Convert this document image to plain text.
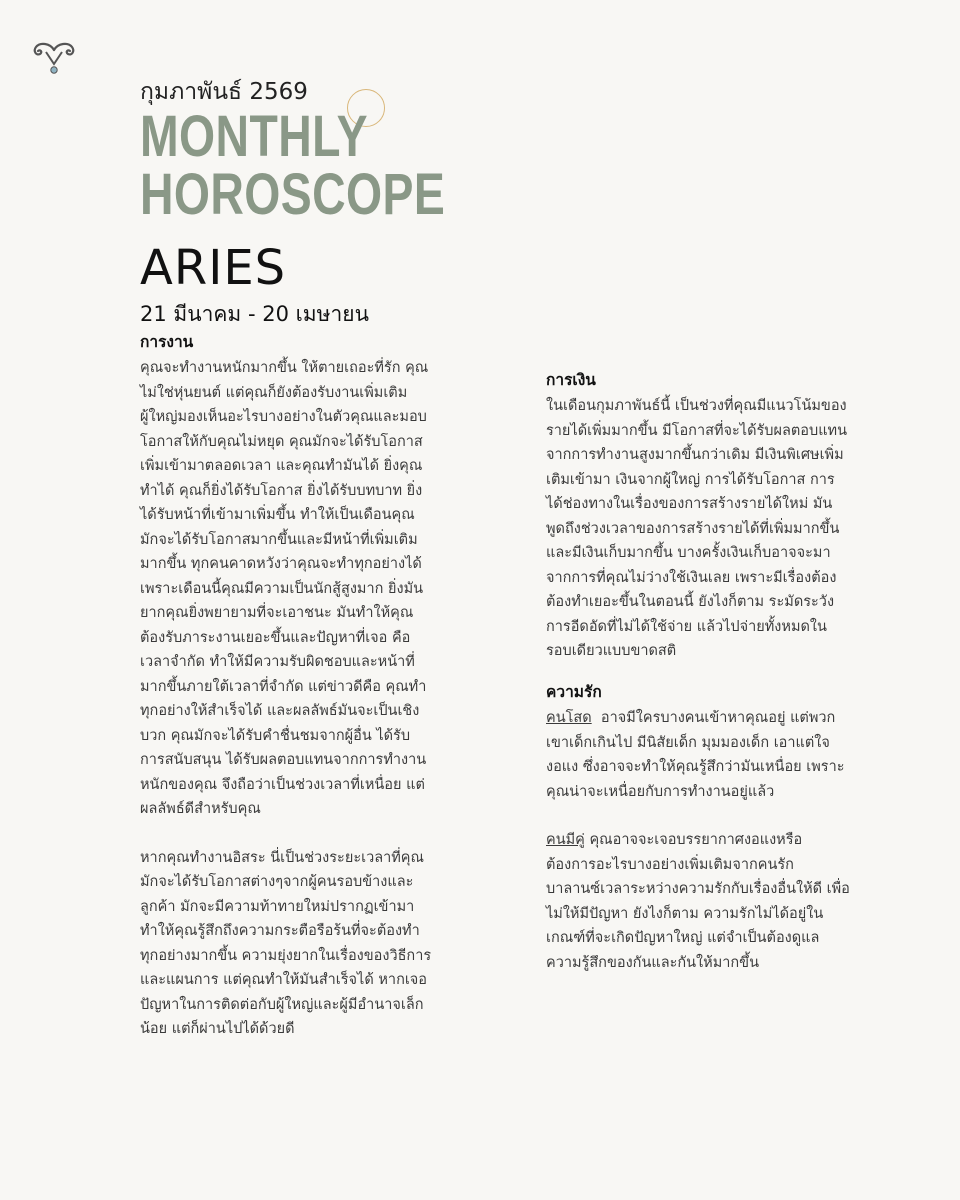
กุมภาพันธ์ 2569
MONTHLY
HOROSCOPE
ARIES
21 มีนาคม - 20 เมษายน
การงาน

คุณจะทำงานหนักมากขึ้น ให้ตายเถอะที่รัก คุณไม่ใช่หุ่นยนต์ แต่คุณก็ยังต้องรับงานเพิ่มเติม ผู้ใหญ่มองเห็นอะไรบางอย่างในตัวคุณและมอบโอกาสให้กับคุณไม่หยุด คุณมักจะได้รับโอกาสเพิ่มเข้ามาตลอดเวลา และคุณทำมันได้ ยิ่งคุณทำได้ คุณก็ยิ่งได้รับโอกาส ยิ่งได้รับบทบาท ยิ่งได้รับหน้าที่เข้ามาเพิ่มขึ้น ทำให้เป็นเดือนคุณมักจะได้รับโอกาสมากขึ้นและมีหน้าที่เพิ่มเติมมากขึ้น ทุกคนคาดหวังว่าคุณจะทำทุกอย่างได้ เพราะเดือนนี้คุณมีความเป็นนักสู้สูงมาก ยิ่งมันยากคุณยิ่งพยายามที่จะเอาชนะ มันทำให้คุณต้องรับภาระงานเยอะขึ้นและปัญหาที่เจอ คือเวลาจำกัด ทำให้มีความรับผิดชอบและหน้าที่มากขึ้นภายใต้เวลาที่จำกัด แต่ข่าวดีคือ คุณทำทุกอย่างให้สำเร็จได้ และผลลัพธ์มันจะเป็นเชิงบวก คุณมักจะได้รับคำชื่นชมจากผู้อื่น ได้รับการสนับสนุน ได้รับผลตอบแทนจากการทำงานหนักของคุณ จึงถือว่าเป็นช่วงเวลาที่เหนื่อย แต่ผลลัพธ์ดีสำหรับคุณ

หากคุณทำงานอิสระ นี่เป็นช่วงระยะเวลาที่คุณมักจะได้รับโอกาสต่างๆจากผู้คนรอบข้างและลูกค้า มักจะมีความท้าทายใหม่ปรากฏเข้ามา ทำให้คุณรู้สึกถึงความกระตือรือร้นที่จะต้องทำทุกอย่างมากขึ้น ความยุ่งยากในเรื่องของวิธีการและแผนการ แต่คุณทำให้มันสำเร็จได้ หากเจอปัญหาในการติดต่อกับผู้ใหญ่และผู้มีอำนาจเล็กน้อย แต่ก็ผ่านไปได้ด้วยดี

การเงิน

ในเดือนกุมภาพันธ์นี้ เป็นช่วงที่คุณมีแนวโน้มของรายได้เพิ่มมากขึ้น มีโอกาสที่จะได้รับผลตอบแทนจากการทำงานสูงมากขึ้นกว่าเดิม มีเงินพิเศษเพิ่มเติมเข้ามา เงินจากผู้ใหญ่ การได้รับโอกาส การได้ช่องทางในเรื่องของการสร้างรายได้ใหม่ มันพูดถึงช่วงเวลาของการสร้างรายได้ที่เพิ่มมากขึ้น และมีเงินเก็บมากขึ้น บางครั้งเงินเก็บอาจจะมาจากการที่คุณไม่ว่างใช้เงินเลย เพราะมีเรื่องต้องต้องทำเยอะขึ้นในตอนนี้ ยังไงก็ตาม ระมัดระวังการอีดอัดที่ไม่ได้ใช้จ่าย แล้วไปจ่ายทั้งหมดในรอบเดียวแบบขาดสติ

ความรัก

คนโสด อาจมีใครบางคนเข้าหาคุณอยู่ แต่พวกเขาเด็กเกินไป มีนิสัยเด็ก มุมมองเด็ก เอาแต่ใจ งอแง ซึ่งอาจจะทำให้คุณรู้สึกว่ามันเหนื่อย เพราะคุณน่าจะเหนื่อยกับการทำงานอยู่แล้ว

คนมีคู่ คุณอาจจะเจอบรรยากาศงอแงหรือต้องการอะไรบางอย่างเพิ่มเติมจากคนรัก บาลานซ์เวลาระหว่างความรักกับเรื่องอื่นให้ดี เพื่อไม่ให้มีปัญหา ยังไงก็ตาม ความรักไม่ได้อยู่ในเกณฑ์ที่จะเกิดปัญหาใหญ่ แต่จำเป็นต้องดูแลความรู้สึกของกันและกันให้มากขึ้น
